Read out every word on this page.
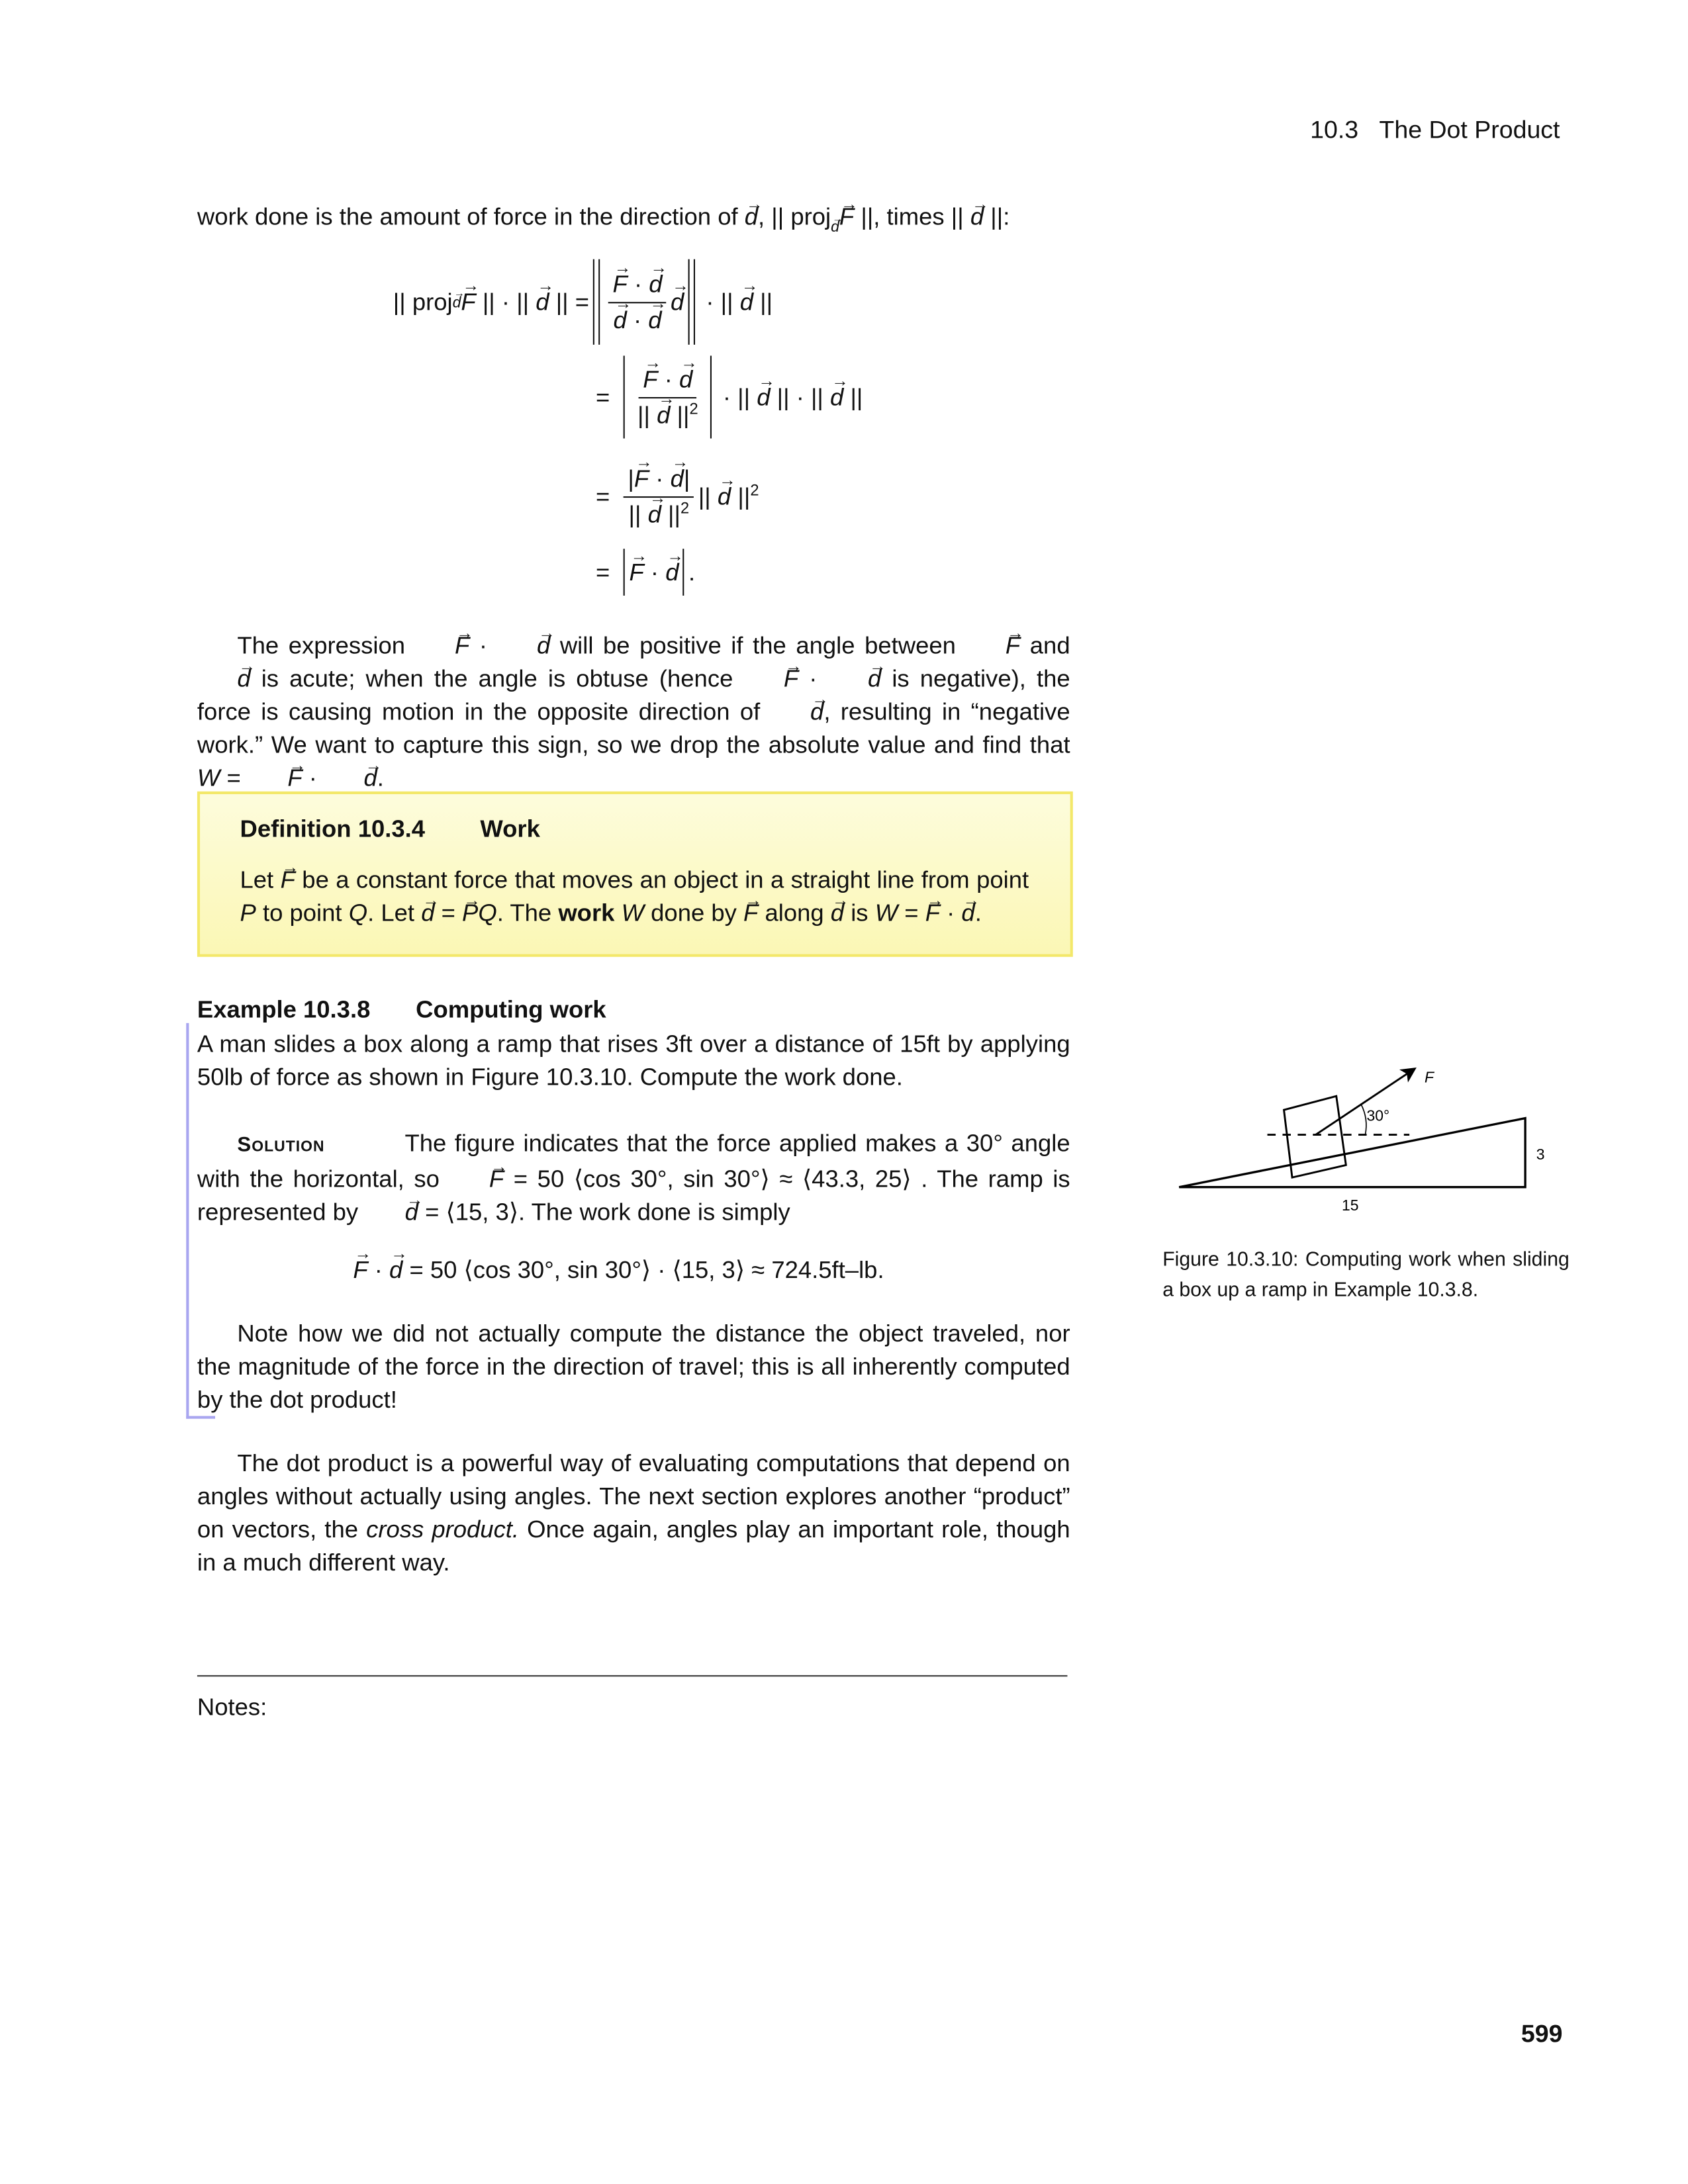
10.3 The Dot Product
work done is the amount of force in the direction of → d, || proj→ $_d$→ F ||, times || → d ||:
|| proj → d → F || · || → d || = → F · → d
→ d · → d → d · || → d ||
= → $\frac{F \cdot \to d}{|| \to d ||^2}$ · || → d || · || → d ||
= $\frac{|\to F \cdot \to d|}{|| \to d ||^2}$ || → d $||^2$
= → F · → d .
The expression	→ F ·	→ d will be positive if the angle between	→ F and → d is acute; when the angle is obtuse (hence	→ F ·	→ d is negative), the force is causing motion in the opposite direction of	→ d, resulting in “negative work.” We want to capture this sign, so we drop the absolute value and find that W =	→ F ·	→ d.
Definition 10.3.4	Work
Let → F be a constant force that moves an object in a straight line from point P to point Q. Let → d = → PQ. The work W done by → F along → d is W = → F · → d.
Example 10.3.8	Computing work
A man slides a box along a ramp that rises 3ft over a distance of 15ft by applying 50lb of force as shown in Figure 10.3.10. Compute the work done.
Solution	The figure indicates that the force applied makes a 30° angle with the horizontal, so	→ F = 50 ⟨cos 30°, sin 30°⟩ ≈ ⟨43.3, 25⟩ . The ramp is represented by	→ d = ⟨15, 3⟩. The work done is simply
→ F · → d = 50 ⟨cos 30°, sin 30°⟩ · ⟨15, 3⟩ ≈ 724.5ft–lb.
Note how we did not actually compute the distance the object traveled, nor the magnitude of the force in the direction of travel; this is all inherently computed by the dot product!
The dot product is a powerful way of evaluating computations that depend on angles without actually using angles. The next section explores another “product” on vectors, the cross product. Once again, angles play an important role, though in a much different way.
Notes:
30°
F
3
15
Figure 10.3.10: Computing work when sliding a box up a ramp in Example 10.3.8.
599
